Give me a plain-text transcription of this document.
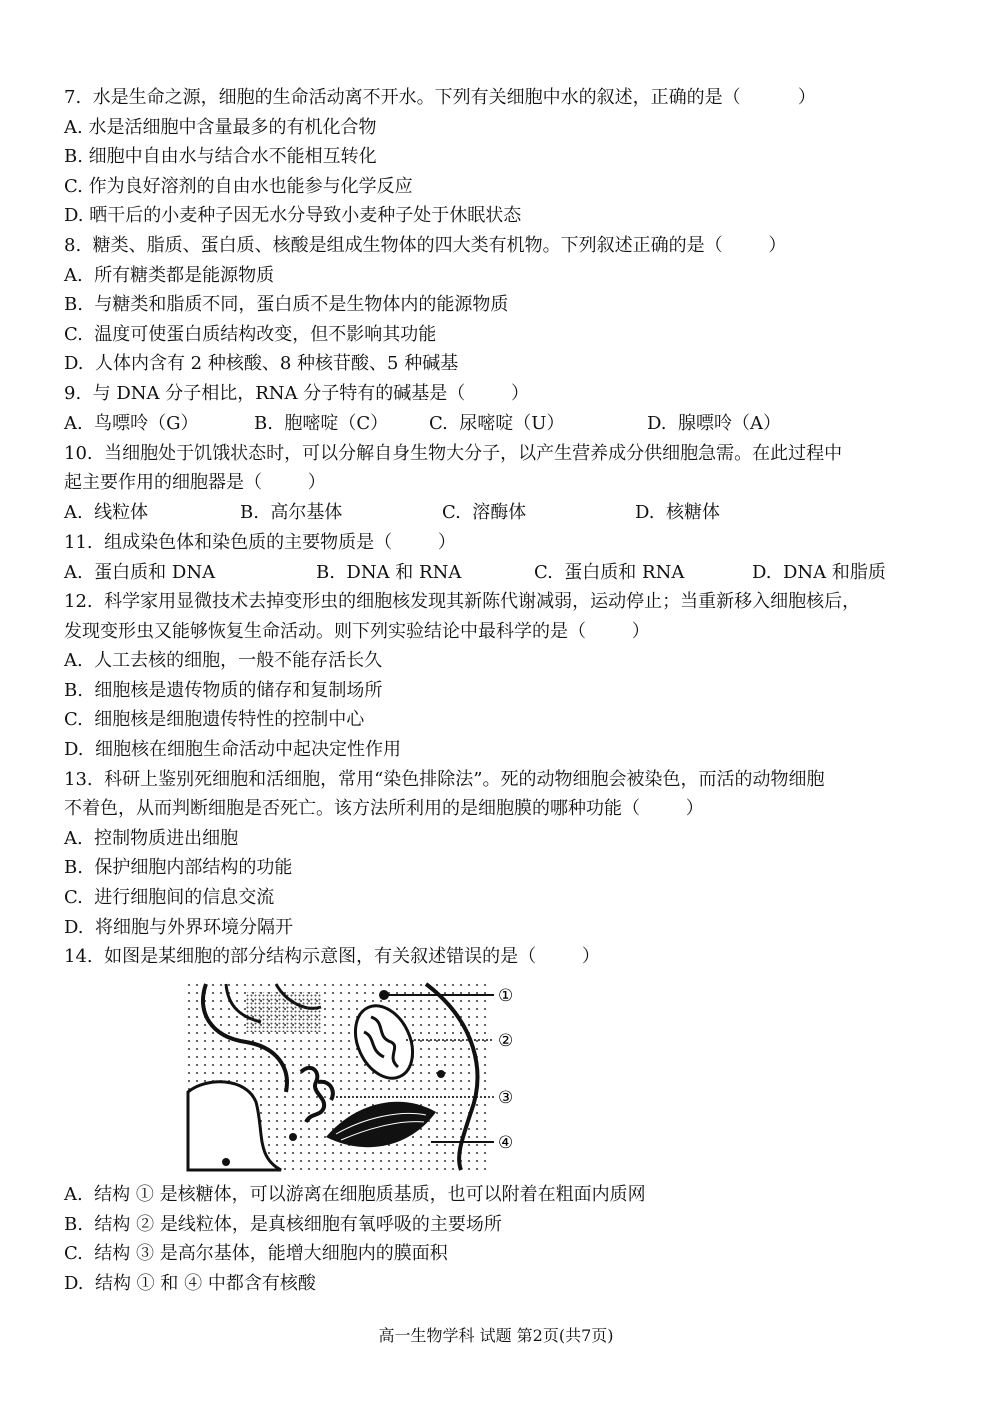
7.  水是生命之源，细胞的生命活动离不开水。下列有关细胞中水的叙述，正确的是（          ）
A. 水是活细胞中含量最多的有机化合物
B. 细胞中自由水与结合水不能相互转化
C. 作为良好溶剂的自由水也能参与化学反应
D. 晒干后的小麦种子因无水分导致小麦种子处于休眠状态
8.  糖类、脂质、蛋白质、核酸是组成生物体的四大类有机物。下列叙述正确的是（        ）
A.  所有糖类都是能源物质
B.  与糖类和脂质不同，蛋白质不是生物体内的能源物质
C.  温度可使蛋白质结构改变，但不影响其功能
D.  人体内含有 2 种核酸、8 种核苷酸、5 种碱基
9.  与 DNA 分子相比，RNA 分子特有的碱基是（        ）
A.  鸟嘌呤（G）	B.  胞嘧啶（C） C.  尿嘧啶（U）	D.  腺嘌呤（A）
10.  当细胞处于饥饿状态时，可以分解自身生物大分子，以产生营养成分供细胞急需。在此过程中
起主要作用的细胞器是（        ）
A.  线粒体	B.  高尔基体	C.  溶酶体	D.  核糖体
11.  组成染色体和染色质的主要物质是（        ）
A.  蛋白质和 DNA	B.  DNA 和 RNA	C.  蛋白质和 RNA	D.  DNA 和脂质
12.  科学家用显微技术去掉变形虫的细胞核发现其新陈代谢减弱，运动停止；当重新移入细胞核后，
发现变形虫又能够恢复生命活动。则下列实验结论中最科学的是（        ）
A.  人工去核的细胞，一般不能存活长久
B.  细胞核是遗传物质的储存和复制场所
C.  细胞核是细胞遗传特性的控制中心
D.  细胞核在细胞生命活动中起决定性作用
13.  科研上鉴别死细胞和活细胞，常用“染色排除法”。死的动物细胞会被染色，而活的动物细胞
不着色，从而判断细胞是否死亡。该方法所利用的是细胞膜的哪种功能（        ）
A.  控制物质进出细胞
B.  保护细胞内部结构的功能
C.  进行细胞间的信息交流
D.  将细胞与外界环境分隔开
14.  如图是某细胞的部分结构示意图，有关叙述错误的是（        ）
①
②
③
④
A.  结构 ① 是核糖体，可以游离在细胞质基质，也可以附着在粗面内质网
B.  结构 ② 是线粒体，是真核细胞有氧呼吸的主要场所
C.  结构 ③ 是高尔基体，能增大细胞内的膜面积
D.  结构 ① 和 ④ 中都含有核酸
高一生物学科 试题 第2页(共7页)
